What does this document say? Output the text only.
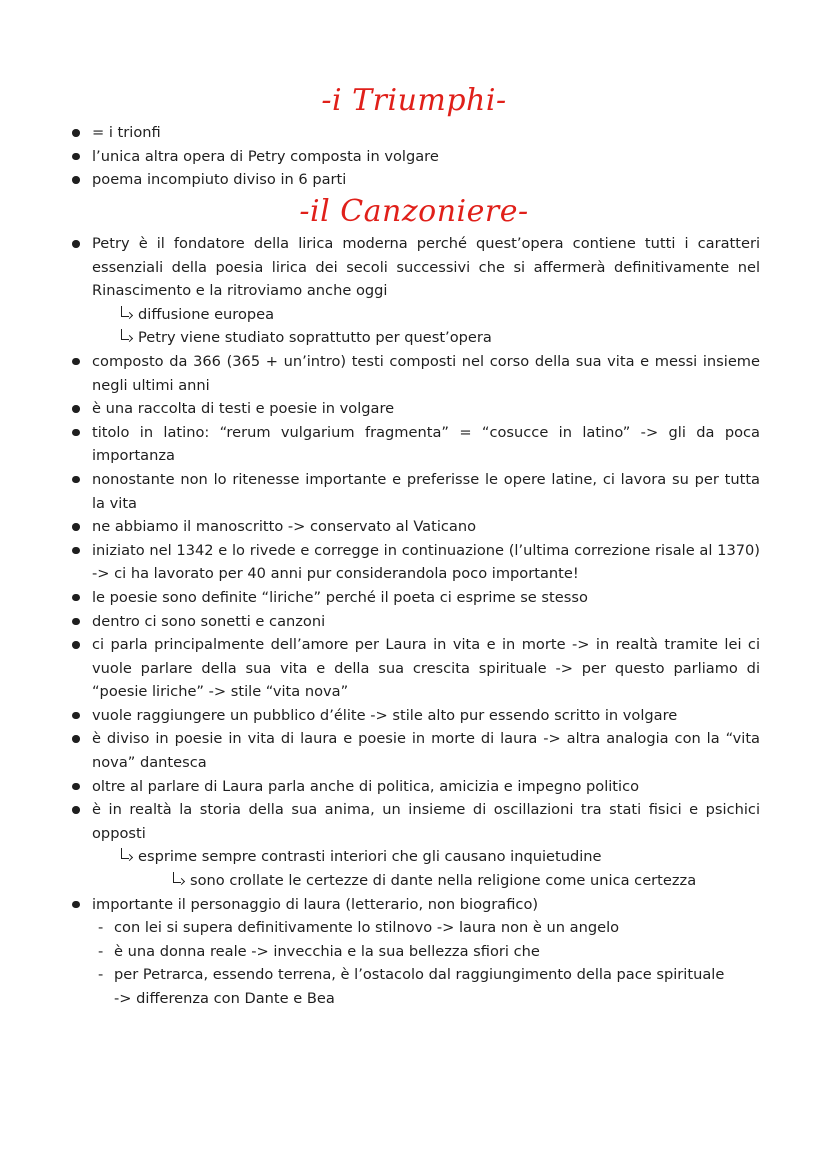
-i Triumphi-
= i trionfi
l’unica altra opera di Petry composta in volgare
poema incompiuto diviso in 6 parti
-il Canzoniere-
Petry è il fondatore della lirica moderna perché quest’opera contiene tutti i caratteri essenziali della poesia lirica dei secoli successivi che si affermerà definitivamente nel Rinascimento e la ritroviamo anche oggi
diffusione europea
Petry viene studiato soprattutto per quest’opera
composto da 366 (365 + un’intro) testi composti nel corso della sua vita e messi insieme negli ultimi anni
è una raccolta di testi e poesie in volgare
titolo in latino: “rerum vulgarium fragmenta” = “cosucce in latino” -> gli da poca importanza
nonostante non lo ritenesse importante e preferisse le opere latine, ci lavora su per tutta la vita
ne abbiamo il manoscritto -> conservato al Vaticano
iniziato nel 1342 e lo rivede e corregge in continuazione (l’ultima correzione risale al 1370) -> ci ha lavorato per 40 anni pur considerandola poco importante!
le poesie sono definite “liriche” perché il poeta ci esprime se stesso
dentro ci sono sonetti e canzoni
ci parla principalmente dell’amore per Laura in vita e in morte -> in realtà tramite lei ci vuole parlare della sua vita e della sua crescita spirituale -> per questo parliamo di “poesie liriche” -> stile “vita nova”
vuole raggiungere un pubblico d’élite -> stile alto pur essendo scritto in volgare
è diviso in poesie in vita di laura e poesie in morte di laura -> altra analogia con la “vita nova” dantesca
oltre al parlare di Laura parla anche di politica, amicizia e impegno politico
è in realtà la storia della sua anima, un insieme di oscillazioni tra stati fisici e psichici opposti
esprime sempre contrasti interiori che gli causano inquietudine
sono crollate le certezze di dante nella religione come unica certezza
importante il personaggio di laura (letterario, non biografico)
- con lei si supera definitivamente lo stilnovo -> laura non è un angelo
- è una donna reale -> invecchia e la sua bellezza sfiori che
- per Petrarca, essendo terrena, è l’ostacolo dal raggiungimento della pace spirituale
-> differenza con Dante e Bea
